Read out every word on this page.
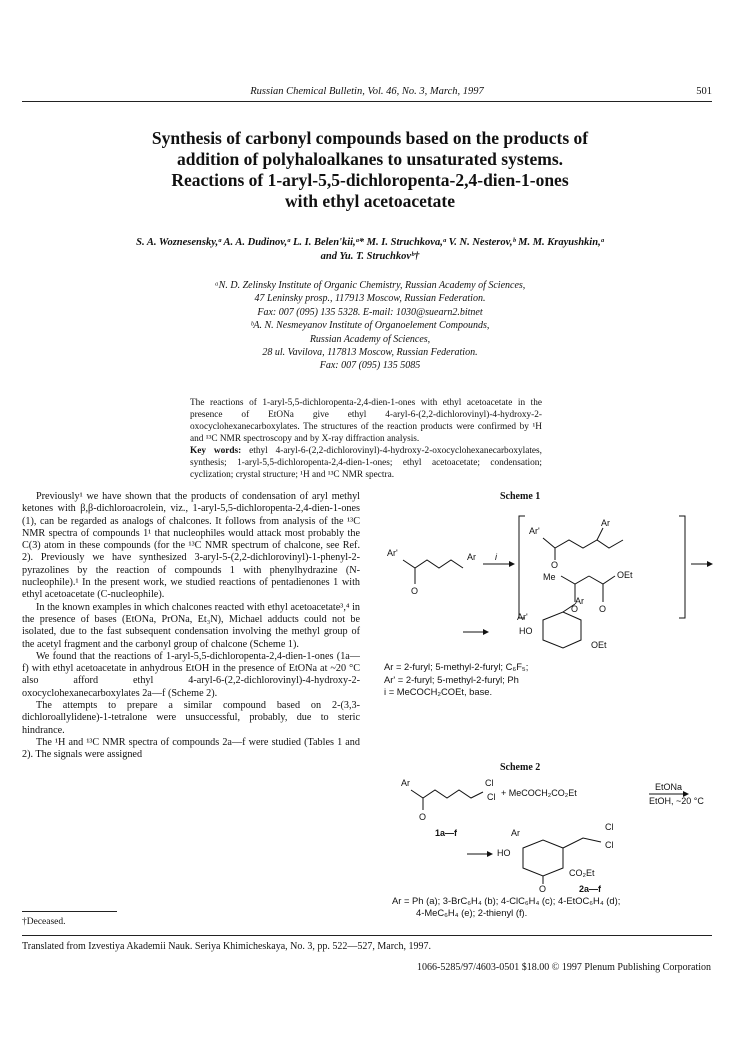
Russian Chemical Bulletin, Vol. 46, No. 3, March, 1997	501
Synthesis of carbonyl compounds based on the products of
addition of polyhaloalkanes to unsaturated systems.
Reactions of 1-aryl-5,5-dichloropenta-2,4-dien-1-ones
with ethyl acetoacetate
S. A. Woznesensky,ᵃ A. A. Dudinov,ᵃ L. I. Belen'kii,ᵃ* M. I. Struchkova,ᵃ V. N. Nesterov,ᵇ M. M. Krayushkin,ᵃ
and Yu. T. Struchkovᵇ†
ᵃN. D. Zelinsky Institute of Organic Chemistry, Russian Academy of Sciences,
47 Leninsky prosp., 117913 Moscow, Russian Federation.
Fax: 007 (095) 135 5328. E-mail: 1030@suearn2.bitnet
ᵇA. N. Nesmeyanov Institute of Organoelement Compounds,
Russian Academy of Sciences,
28 ul. Vavilova, 117813 Moscow, Russian Federation.
Fax: 007 (095) 135 5085

The reactions of 1-aryl-5,5-dichloropenta-2,4-dien-1-ones with ethyl acetoacetate in the presence of EtONa give ethyl 4-aryl-6-(2,2-dichlorovinyl)-4-hydroxy-2-oxocyclohexanecarboxylates. The structures of the reaction products were confirmed by ¹H and ¹³C NMR spectroscopy and by X-ray diffraction analysis.

Key words: ethyl 4-aryl-6-(2,2-dichlorovinyl)-4-hydroxy-2-oxocyclohexanecarboxylates, synthesis; 1-aryl-5,5-dichloropenta-2,4-dien-1-ones; ethyl acetoacetate; condensation; cyclization; crystal structure; ¹H and ¹³C NMR spectra.

Previously¹ we have shown that the products of condensation of aryl methyl ketones with β,β-dichloroacrolein, viz., 1-aryl-5,5-dichloropenta-2,4-dien-1-ones (1), can be regarded as analogs of chalcones. It follows from analysis of the ¹³C NMR spectra of compounds 1¹ that nucleophiles would attack most probably the C(3) atom in these compounds (for the ¹³C NMR spectrum of chalcone, see Ref. 2). Previously we have synthesized 3-aryl-5-(2,2-dichlorovinyl)-1-phenyl-2-pyrazolines by the reaction of compounds 1 with phenylhydrazine (N-nucleophile).¹ In the present work, we studied reactions of pentadienones 1 with ethyl acetoacetate (C-nucleophile).

In the known examples in which chalcones reacted with ethyl acetoacetate³,⁴ in the presence of bases (EtONa, PrONa, Et₃N), Michael adducts could not be isolated, due to the fast subsequent condensation involving the methyl group of the acetyl fragment and the carbonyl group of chalcone (Scheme 1).

We found that the reactions of 1-aryl-5,5-dichloropenta-2,4-dien-1-ones (1a—f) with ethyl acetoacetate in anhydrous EtOH in the presence of EtONa at ~20 °C also afford ethyl 4-aryl-6-(2,2-dichlorovinyl)-4-hydroxy-2-oxocyclohexanecarboxylates 2a—f (Scheme 2).

The attempts to prepare a similar compound based on 2-(3,3-dichloroallylidene)-1-tetralone were unsuccessful, probably, due to steric hindrance.

The ¹H and ¹³C NMR spectra of compounds 2a—f were studied (Tables 1 and 2). The signals were assigned

Scheme 1
Ar'
O
Ar i
Ar'
Ar
O
Me
O O
OEt
Ar'
Ar
HO
OEt
Ar = 2-furyl; 5-methyl-2-furyl; C₆F₅;
Ar' = 2-furyl; 5-methyl-2-furyl; Ph
i = MeCOCH₂COEt, base.
Scheme 2
Ar
O
Cl
Cl + MeCOCH₂CO₂Et
EtONa
EtOH, ~20 °C
1a—f	Ar
Cl
Cl
HO
CO₂Et
O	2a—f
Ar = Ph (a); 3-BrC₆H₄ (b); 4-ClC₆H₄ (c); 4-EtOC₆H₄ (d);
4-MeC₆H₄ (e); 2-thienyl (f).
†Deceased.
Translated from Izvestiya Akademii Nauk. Seriya Khimicheskaya, No. 3, pp. 522—527, March, 1997.
1066-5285/97/4603-0501 $18.00 © 1997 Plenum Publishing Corporation
